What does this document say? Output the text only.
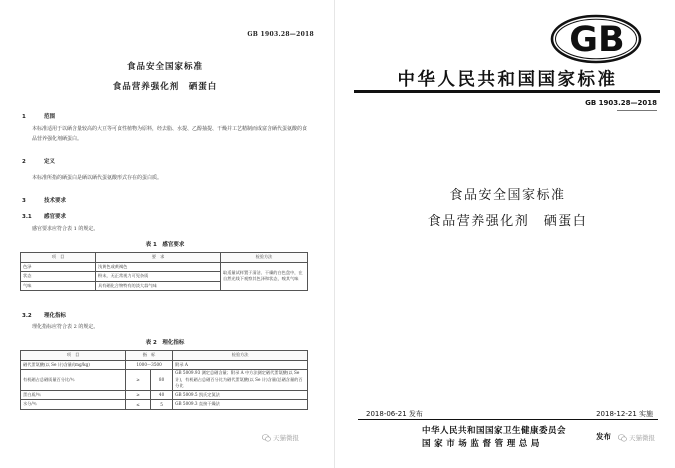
GB 1903.28—2018
食品安全国家标准
食品营养强化剂　硒蛋白
1	范围
本标准适用于以硒含量较高的大豆等可食性植物为原料，经去脂、水提、乙醇抽提、干燥并工艺精制而成富含硒代蛋氨酸的食品营养强化剂硒蛋白。
2	定义
本标准所指的硒蛋白是硒以硒代蛋氨酸形式存在的蛋白质。
3	技术要求
3.1 感官要求
感官要求应符合表 1 的规定。
表 1　感官要求
项　目	要　求	检验方法
色泽	浅黄色或黄褐色	取适量试样置于清洁、干燥的白色盘中，在自然光线下观察其色泽和状态，嗅其气味
状态	粉末，无正常视力可见杂质	
气味	具有硒化合物特有的淡大蒜气味	
3.2 理化指标
理化指标应符合表 2 的规定。
表 2　理化指标
项　目	指　标		检验方法
硒代蛋氨酸(以 Se 计)含量/(mg/kg)	1000～3500		附录 A
有机硒占总硒质量百分比/％	≥	80	GB 5009.93 测定总硒含量；附录 A 中方法测定硒代蛋氨酸(以 Se 计)，有机硒占总硒百分比为硒代蛋氨酸(以 Se 计)含量/总硒含量的百分比
蛋白质/％	≥	40	GB 5009.5 凯氏定氮法
水分/％	≤	5	GB 5009.3 直接干燥法
天猫微报
GB
中华人民共和国国家标准
GB 1903.28—2018
食品安全国家标准
食品营养强化剂　硒蛋白
2018-06-21 发布	2018-12-21 实施
中华人民共和国国家卫生健康委员会
国家市场监督管理总局
发布	天猫微报
